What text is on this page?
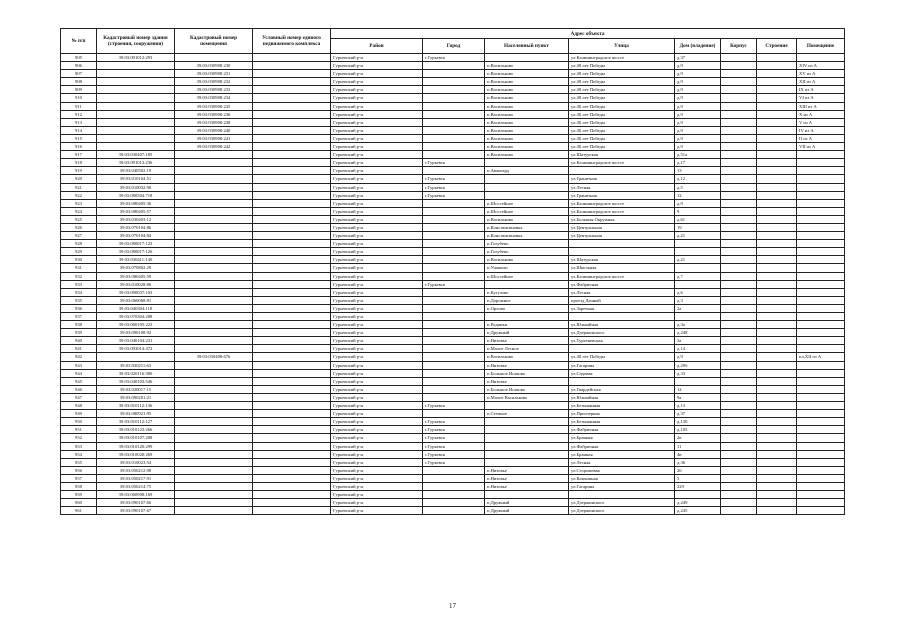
№ п/п	Кадастровый номер здания (строения, сооружения)	Кадастровый номер помещения	Условный номер единого недвижимого комплекса	Адрес объекта							
				Район	Город	Населенный пункт	Улица	Дом (владение)	Корпус	Строение	Помещение
905	39:03:091012:293			Гурьевский р-н	г.Гурьевск		ул.Калининградское шоссе	д.37			
906		39:03:030908:230		Гурьевский р-н		п.Васильково	ул.40 лет Победы	д.9			XIV из А
907		39:03:030908:231		Гурьевский р-н		п.Васильково	ул.40 лет Победы	д.9			XV из А
908		39:03:030908:232		Гурьевский р-н		п.Васильково	ул.40 лет Победы	д.9			XII из А
909		39:03:030908:233		Гурьевский р-н		п.Васильково	ул.40 лет Победы	д.9			IX из А
910		39:03:030908:234		Гурьевский р-н		п.Васильково	ул.40 лет Победы	д.9			VI из А
911		39:03:030908:235		Гурьевский р-н		п.Васильково	ул.40 лет Победы	д.9			XIII из А
912		39:03:030908:236		Гурьевский р-н		п.Васильково	ул.40 лет Победы	д.9			X из А
913		39:03:030908:238		Гурьевский р-н		п.Васильково	ул.40 лет Победы	д.9			V из А
914		39:03:030908:240		Гурьевский р-н		п.Васильково	ул.40 лет Победы	д.9			IV из А
915		39:03:030908:241		Гурьевский р-н		п.Васильково	ул.40 лет Победы	д.9			II из А
916		39:03:030908:242		Гурьевский р-н		п.Васильково	ул.40 лет Победы	д.9			VII из А
917	39:03:030407:185			Гурьевский р-н		п.Васильково	ул.Шатурская	д.51а			
918	39:03:091013:236			Гурьевский р-н	г.Гурьевск		ул.Калининградское шоссе	д.17			
919	39:03:040502:19			Гурьевский р-н		п.Авангард		13			
920	39:03:010104:51			Гурьевский р-н	г.Гурьевск		ул.Гранитная	д.12			
921	39:03:010032:90			Гурьевский р-н	г.Гурьевск		ул.Лесная	д.5			
922	39:03:080504:718			Гурьевский р-н	г.Гурьевск		ул.Гранитная	12			
923	39:03:080405:36			Гурьевский р-н		п.Шоссейное	ул.Калининградское шоссе	д.9			
924	39:03:080405:57			Гурьевский р-н		п.Шоссейное	ул.Калининградское шоссе	9			
925	39:03:030403:12			Гурьевский р-н		п.Васильково	ул.Большая Окружная	д.61			
926	39:03:070104:86			Гурьевский р-н		п.Константиновка	ул.Центральная	19			
927	39:03:070104:84			Гурьевский р-н		п.Константиновка	ул.Центральная	д.21			
928	39:03:080017:123			Гурьевский р-н		п.Голубево					
929	39:03:080017:126			Гурьевский р-н		п.Голубево					
930	39:03:030411:140			Гурьевский р-н		п.Васильково	ул.Шатурская	д.21			
931	39:03:070802:29			Гурьевский р-н		п.Ушаково	ул.Школьная				
932	39:03:080405:59			Гурьевский р-н		п.Шоссейное	ул.Калининградское шоссе	д.7			
933	39:03:010028:86			Гурьевский р-н	г.Гурьевск		ул.Фабричная				
934	39:03:090037:103			Гурьевский р-н		п.Кутузово	ул.Лесная	д.6			
935	39:03:060068:81			Гурьевский р-н		п.Дорожное	проезд Дачный	д.3			
936	39:03:040304:118			Гурьевский р-н		п.Орлово	ул.Заречная	2а			
937	39:03:070304:288			Гурьевский р-н							
938	39:03:060105:223			Гурьевский р-н		п.Родники	ул.Южнайная	д.3а			
939	39:03:090108:92			Гурьевский р-н		п.Дружный	ул.Дзержинского	д.248			
940	39:03:040104:231			Гурьевский р-н		п.Низовье	ул.Тургеневская	3а			
941	39:03:093014:472			Гурьевский р-н		п.Малое Лесное		д.14			
942		39:03:030408:676		Гурьевский р-н		п.Васильково	ул.40 лет Победы	д.9			пл.XII из А
943	39:03:030211:63			Гурьевский р-н		п.Низовье	ул.Гагарина	д.29б			
944	39:03:020116:380			Гурьевский р-н		п.Большое Исаково	ул.Садовая	д.33			
945	39:03:040103:546			Гурьевский р-н		п.Низовье					
946	39:03:020017:15			Гурьевский р-н		п.Большое Исаково	ул.Гвардейская	12			
947	39:03:090201:21			Гурьевский р-н		п.Малое Васильково	ул.Южнайная	9а			
948	39:03:010112:136			Гурьевский р-н	г.Гурьевск		ул.Безымянная	д.13			
949	39:03:080921:95			Гурьевский р-н		п.Степное	ул.Приозерная	д.37			
950	39:03:010112:127			Гурьевский р-н	г.Гурьевск		ул.Безымянная	д.130			
951	39:03:010123:266			Гурьевский р-н	г.Гурьевск		ул.Фабричная	д.105			
952	39:03:010107:208			Гурьевский р-н	г.Гурьевск		ул.Бранная	2в			
953	39:03:010120:299			Гурьевский р-н	г.Гурьевск		ул.Фабричная	11			
954	39:03:010020:269			Гурьевский р-н	г.Гурьевск		ул.Бранная	4в			
955	39:03:010023:54			Гурьевский р-н	г.Гурьевск		ул.Лесная	д.36			
956	39:03:050212:98			Гурьевский р-н		п.Низовье	ул.Сторожевая	26			
957	39:03:050217:91			Гурьевский р-н		п.Низовье	ул.Камышная	5			
958	39:03:050214:75			Гурьевский р-н		п.Низовье	ул.Гагарина	229			
959	39:03:060908:169			Гурьевский р-н							
960	39:03:090107:66			Гурьевский р-н		п.Дружный	ул.Дзержинского	д.249			
961	39:03:090107:67			Гурьевский р-н		п.Дружный	ул.Дзержинского	д.245			
17
